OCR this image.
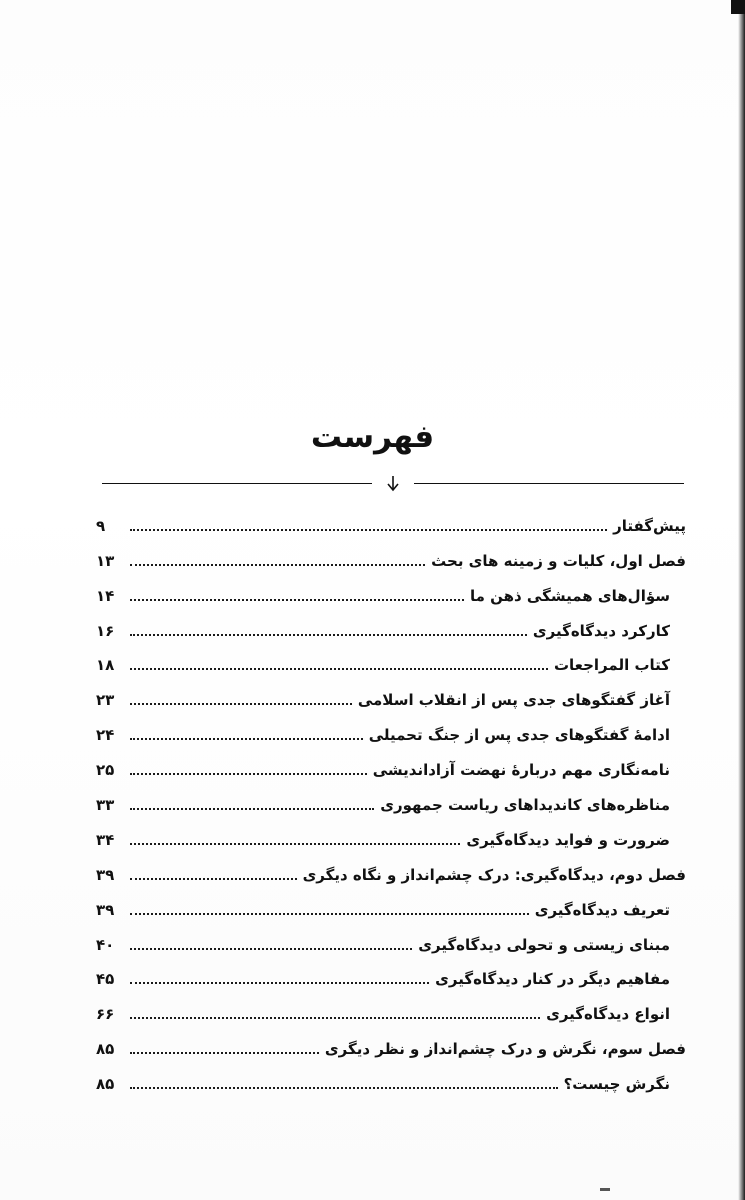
فهرست
۹	پیش‌گفتار
۱۳	فصل اول، کلیات و زمینه های بحث
۱۴	سؤال‌های همیشگی ذهن ما
۱۶	کارکرد دیدگاه‌گیری
۱۸	کتاب المراجعات
۲۳	آغاز گفتگوهای جدی پس از انقلاب اسلامی
۲۴	ادامهٔ گفتگوهای جدی پس از جنگ تحمیلی
۲۵	نامه‌نگاری مهم دربارهٔ نهضت آزاداندیشی
۳۳	مناظره‌های کاندیداهای ریاست جمهوری
۳۴	ضرورت و فواید دیدگاه‌گیری
۳۹	فصل دوم، دیدگاه‌گیری: درک چشم‌انداز و نگاه دیگری
۳۹	تعریف دیدگاه‌گیری
۴۰	مبنای زیستی و تحولی دیدگاه‌گیری
۴۵	مفاهیم دیگر در کنار دیدگاه‌گیری
۶۶	انواع دیدگاه‌گیری
۸۵	فصل سوم، نگرش و درک چشم‌انداز و نظر دیگری
۸۵	نگرش چیست؟
